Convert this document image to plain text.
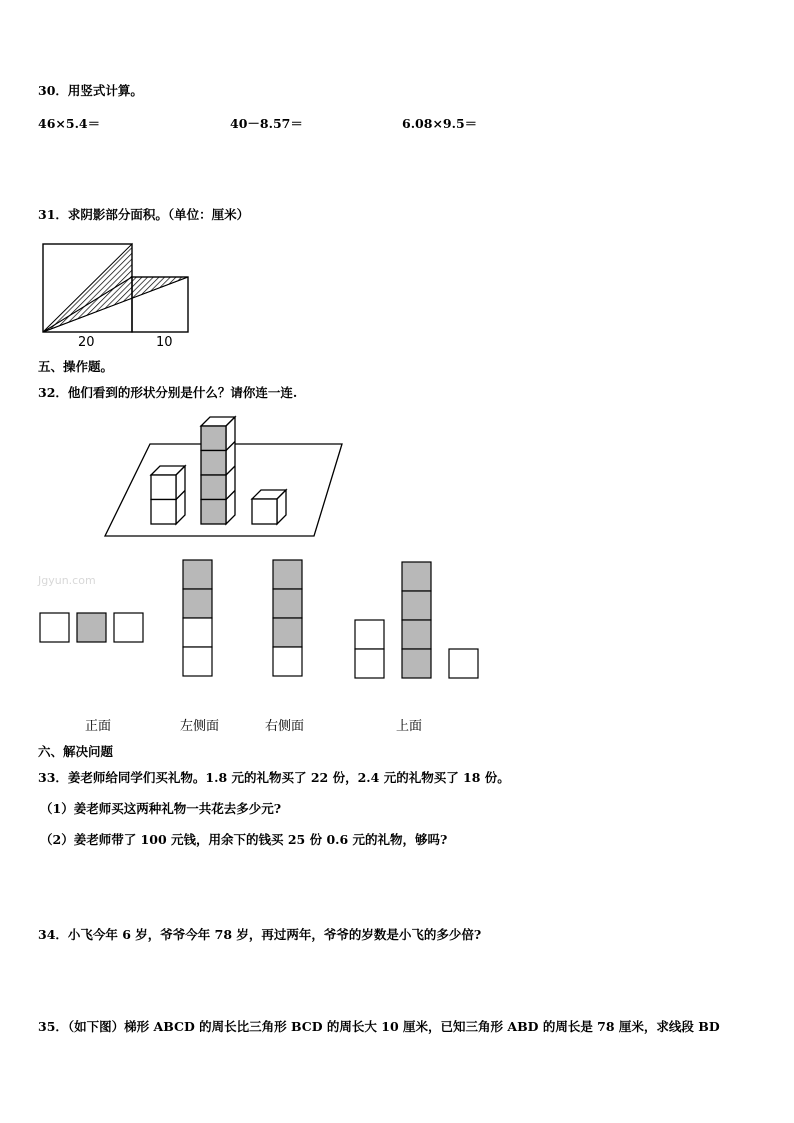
30．用竖式计算。
46×5.4＝	40－8.57＝	6.08×9.5＝
31．求阴影部分面积。（单位：厘米）
20	10
五、操作题。
32．他们看到的形状分别是什么？请你连一连.
Jgyun.com
正面	左侧面	右侧面	上面
六、解决问题
33．姜老师给同学们买礼物。1.8 元的礼物买了 22 份，2.4 元的礼物买了 18 份。
（1）姜老师买这两种礼物一共花去多少元?
（2）姜老师带了 100 元钱，用余下的钱买 25 份 0.6 元的礼物，够吗?
34．小飞今年 6 岁，爷爷今年 78 岁，再过两年，爷爷的岁数是小飞的多少倍?
35．（如下图）梯形 ABCD 的周长比三角形 BCD 的周长大 10 厘米，已知三角形 ABD 的周长是 78 厘米，求线段 BD
